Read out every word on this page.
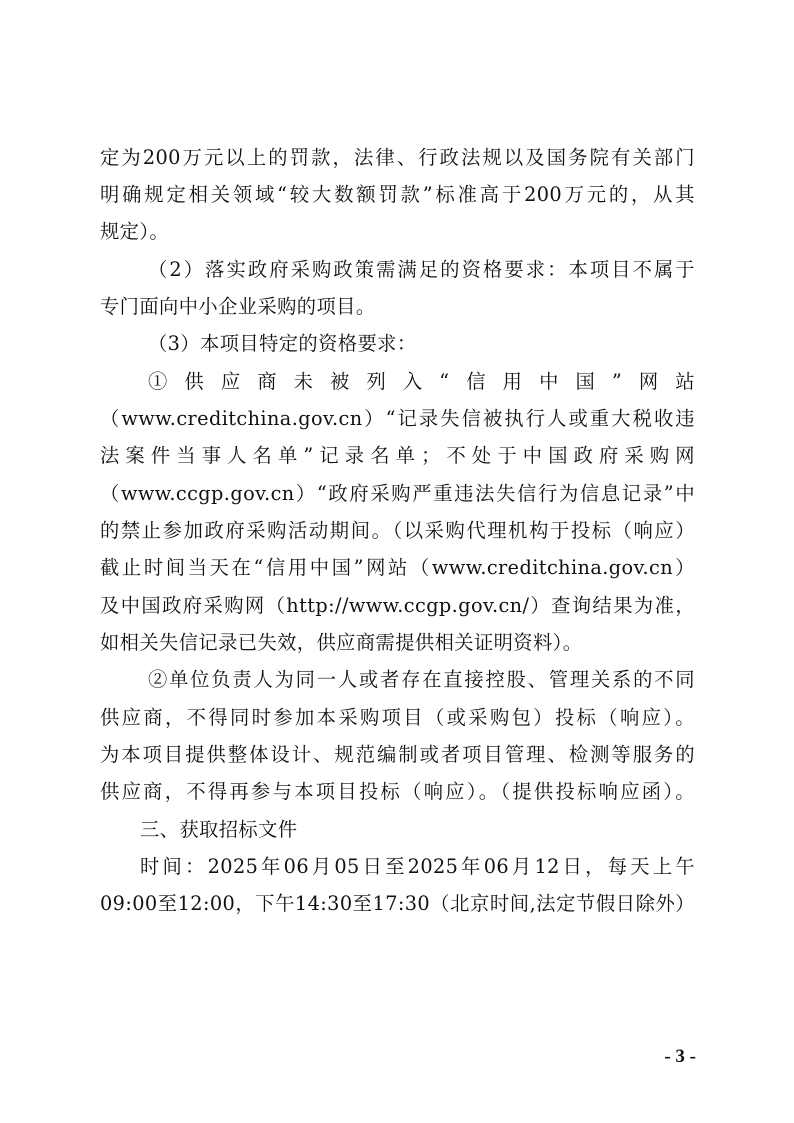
定为200万元以上的罚款，法律、行政法规以及国务院有关部门
明确规定相关领域“较大数额罚款”标准高于200万元的，从其
规定）。
（2）落实政府采购政策需满足的资格要求：本项目不属于
专门面向中小企业采购的项目。
（3）本项目特定的资格要求：
①供应商未被列入“信用中国”网站
（www.creditchina.gov.cn）“记录失信被执行人或重大税收违
法案件当事人名单”记录名单；不处于中国政府采购网
（www.ccgp.gov.cn）“政府采购严重违法失信行为信息记录”中
的禁止参加政府采购活动期间。（以采购代理机构于投标（响应）
截止时间当天在“信用中国”网站（www.creditchina.gov.cn）
及中国政府采购网（http://www.ccgp.gov.cn/）查询结果为准，
如相关失信记录已失效，供应商需提供相关证明资料）。
②单位负责人为同一人或者存在直接控股、管理关系的不同
供应商，不得同时参加本采购项目（或采购包）投标（响应）。
为本项目提供整体设计、规范编制或者项目管理、检测等服务的
供应商，不得再参与本项目投标（响应）。（提供投标响应函）。
三、获取招标文件
时间：2025年06月05日至2025年06月12日，每天上午
09:00至12:00，下午14:30至17:30（北京时间,法定节假日除外）
- 3 -
